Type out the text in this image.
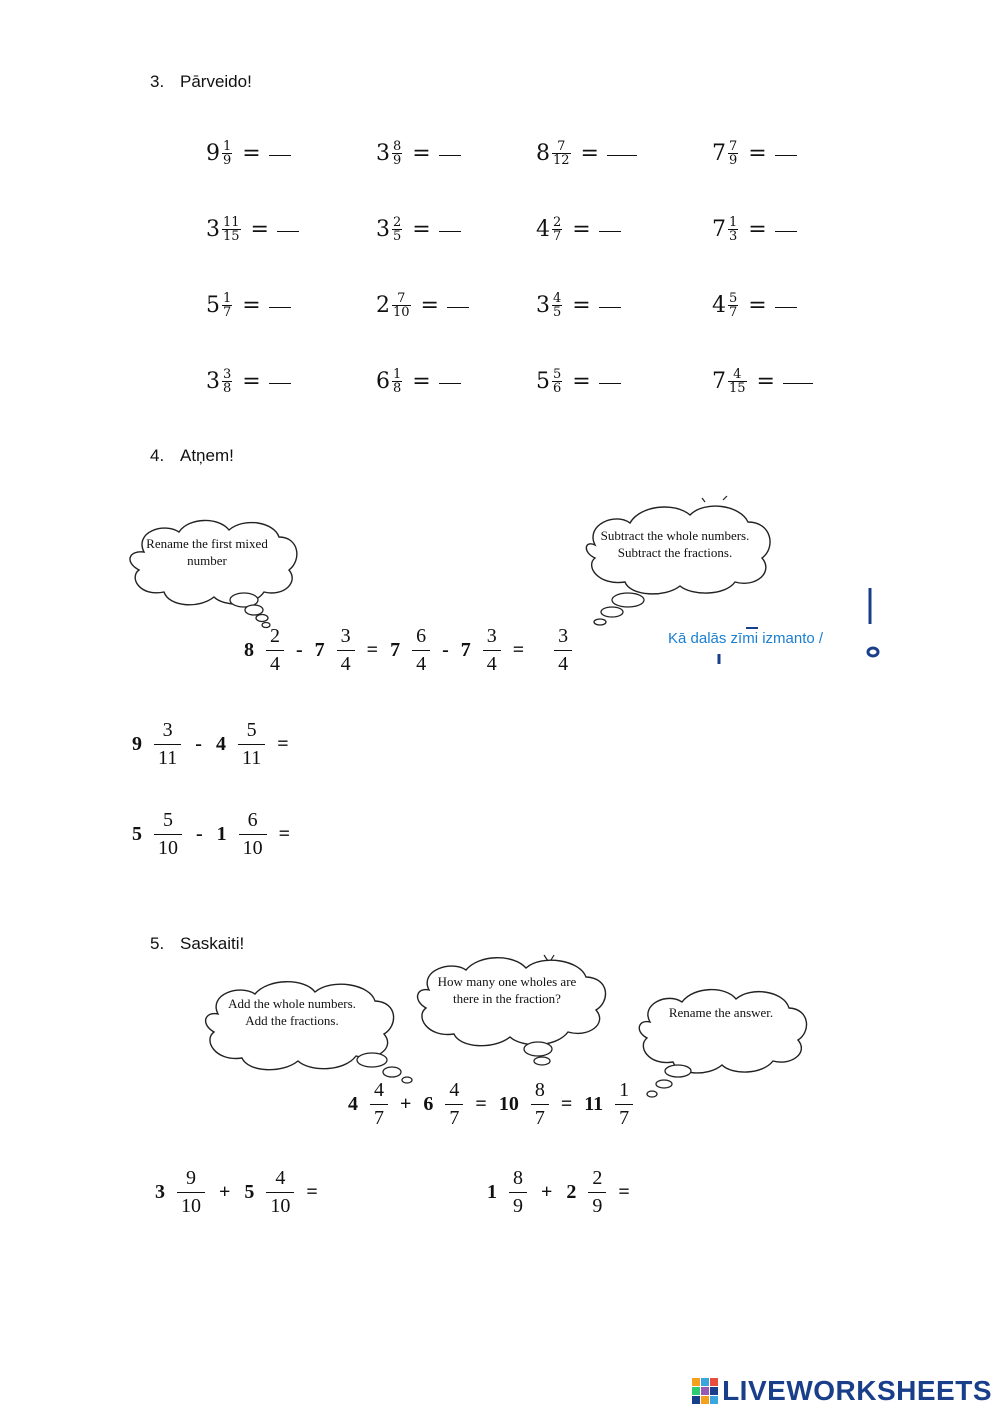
3. Pārveido!
$9 \frac{1}{9}$ =	$3 \frac{8}{9}$ =	$8 \frac{7}{12}$ =	$7 \frac{7}{9}$ =
$3 \frac{11}{15}$ =	$3 \frac{2}{5}$ =	$4 \frac{2}{7}$ =	$7 \frac{1}{3}$ =
$5 \frac{1}{7}$ =	$2 \frac{7}{10}$ =	$3 \frac{4}{5}$ =	$4 \frac{5}{7}$ =
$3 \frac{3}{8}$ =	$6 \frac{1}{8}$ =	$5 \frac{5}{6}$ =	$7 \frac{4}{15}$ =
4. Atņem!
Rename the first mixed number
Subtract the whole numbers. Subtract the fractions.
$8 \frac{2}{4} - 7 \frac{3}{4} = 7 \frac{6}{4} - 7 \frac{3}{4} = \frac{3}{4}$	Kā dalās zīmi izmanto /
$9 \frac{3}{11} - 4 \frac{5}{11}$ =
$5 \frac{5}{10} - 1 \frac{6}{10}$ =
5. Saskaiti!
Add the whole numbers. Add the fractions.
How many one wholes are there in the fraction?
Rename the answer.
$4 \frac{4}{7} + 6 \frac{4}{7} = 10 \frac{8}{7} = 11 \frac{1}{7}$
$3 \frac{9}{10} + 5 \frac{4}{10}$ =	$1 \frac{8}{9} + 2 \frac{2}{9}$ =
LIVEWORKSHEETS
